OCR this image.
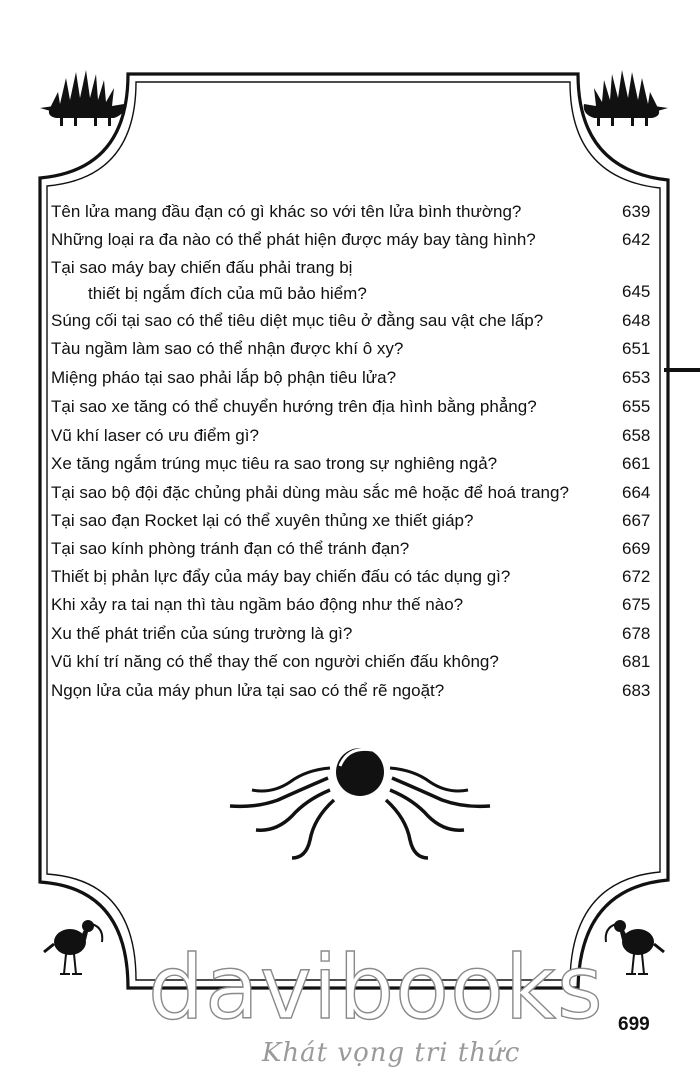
Tên lửa mang đầu đạn có gì khác so với tên lửa bình thường?	639
Những loại ra đa nào có thể phát hiện được máy bay tàng hình?	642
Tại sao máy bay chiến đấu phải trang bị
thiết bị ngắm đích của mũ bảo hiểm?	645
Súng cối tại sao có thể tiêu diệt mục tiêu ở đằng sau vật che lấp?	648
Tàu ngầm làm sao có thể nhận được khí ô xy?	651
Miệng pháo tại sao phải lắp bộ phận tiêu lửa?	653
Tại sao xe tăng có thể chuyển hướng trên địa hình bằng phẳng?	655
Vũ khí laser có ưu điểm gì?	658
Xe tăng ngắm trúng mục tiêu ra sao trong sự nghiêng ngả?	661
Tại sao bộ đội đặc chủng phải dùng màu sắc mê hoặc để hoá trang?	664
Tại sao đạn Rocket lại có thể xuyên thủng xe thiết giáp?	667
Tại sao kính phòng tránh đạn có thể tránh đạn?	669
Thiết bị phản lực đẩy của máy bay chiến đấu có tác dụng gì?	672
Khi xảy ra tai nạn thì tàu ngầm báo động như thế nào?	675
Xu thế phát triển của súng trường là gì?	678
Vũ khí trí năng có thể thay thế con người chiến đấu không?	681
Ngọn lửa của máy phun lửa tại sao có thể rẽ ngoặt?	683
davibooks
Khát vọng tri thức
699
